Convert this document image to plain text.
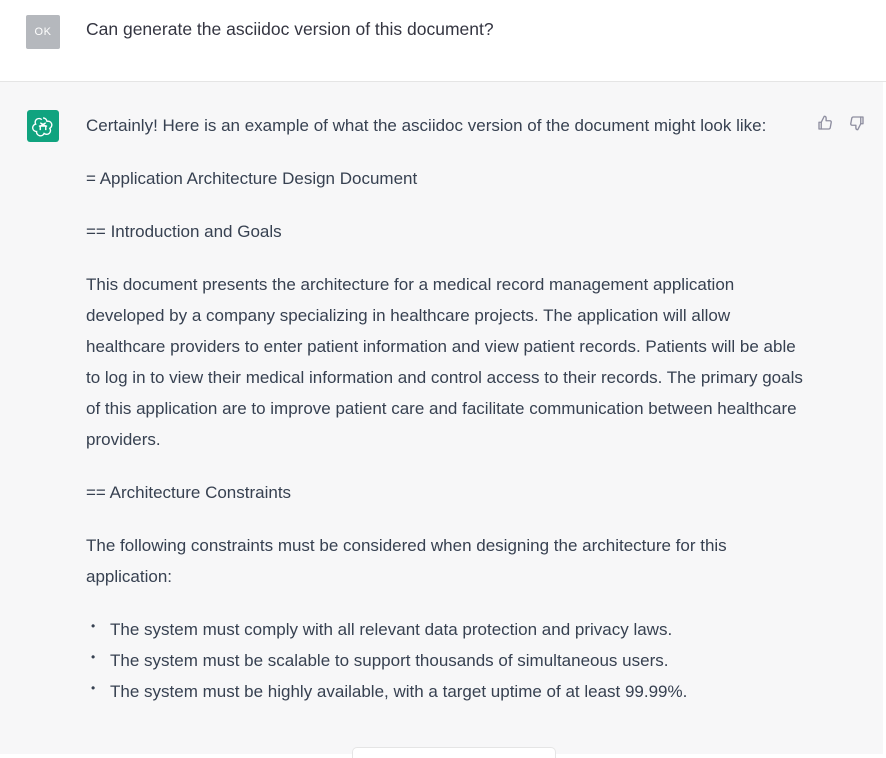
OK	Can generate the asciidoc version of this document?

Certainly! Here is an example of what the asciidoc version of the document might look like:

= Application Architecture Design Document

== Introduction and Goals

This document presents the architecture for a medical record management application developed by a company specializing in healthcare projects. The application will allow healthcare providers to enter patient information and view patient records. Patients will be able to log in to view their medical information and control access to their records. The primary goals of this application are to improve patient care and facilitate communication between healthcare providers.

== Architecture Constraints

The following constraints must be considered when designing the architecture for this application:

• The system must comply with all relevant data protection and privacy laws.
• The system must be scalable to support thousands of simultaneous users.
• The system must be highly available, with a target uptime of at least 99.99%.
